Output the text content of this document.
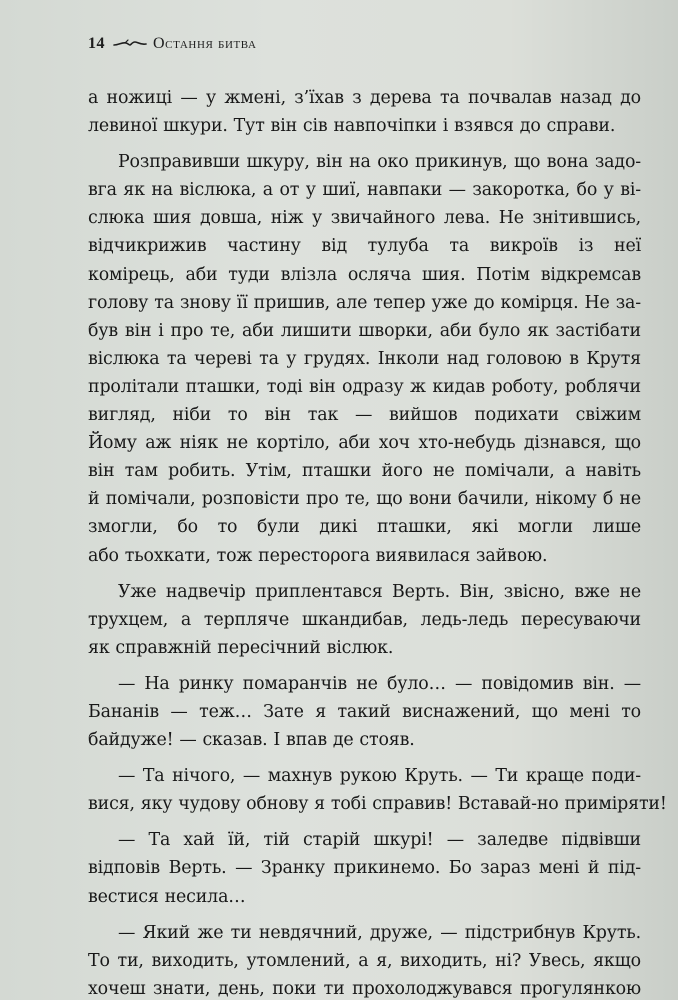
14	Остання битва
а ножиці — у жмені, з’їхав з дерева та почвалав назад до
левиної шкури. Тут він сів навпочіпки і взявся до справи.
Розправивши шкуру, він на око прикинув, що вона задо-
вга як на віслюка, а от у шиї, навпаки — закоротка, бо у ві-
слюка шия довша, ніж у звичайного лева. Не знітившись,
відчикрижив частину від тулуба та викроїв із неї
комірець, аби туди влізла осляча шия. Потім відкремсав
голову та знову її пришив, але тепер уже до комірця. Не за-
був він і про те, аби лишити шворки, аби було як застібати
віслюка та череві та у грудях. Інколи над головою в Крутя
пролітали пташки, тоді він одразу ж кидав роботу, роблячи
вигляд, ніби то він так — вийшов подихати свіжим
Йому аж ніяк не кортіло, аби хоч хто-небудь дізнався, що
він там робить. Утім, пташки його не помічали, а навіть
й помічали, розповісти про те, що вони бачили, нікому б не
змогли, бо то були дикі пташки, які могли лише
або тьохкати, тож перестορога виявилася зайвою.
Уже надвечір приплентався Верть. Він, звісно, вже не
трухцем, а терпляче шкандибав, ледь-ледь пересуваючи
як справжній пересічний віслюк.
— На ринку помаранчів не було… — повідомив він. —
Бананів — теж… Зате я такий виснажений, що мені то
байдуже! — сказав. І впав де стояв.
— Та нічого, — махнув рукою Круть. — Ти краще поди-
вися, яку чудову обнову я тобі справив! Вставай-но приміряти!
— Та хай їй, тій старій шкурі! — заледве підвівши
відповів Верть. — Зранку прикинемо. Бо зараз мені й під-
вестися несила…
— Який же ти невдячний, друже, — підстрибнув Круть.
То ти, виходить, утомлений, а я, виходить, ні? Увесь, якщо
хочеш знати, день, поки ти прохолоджувався прогулянкою
